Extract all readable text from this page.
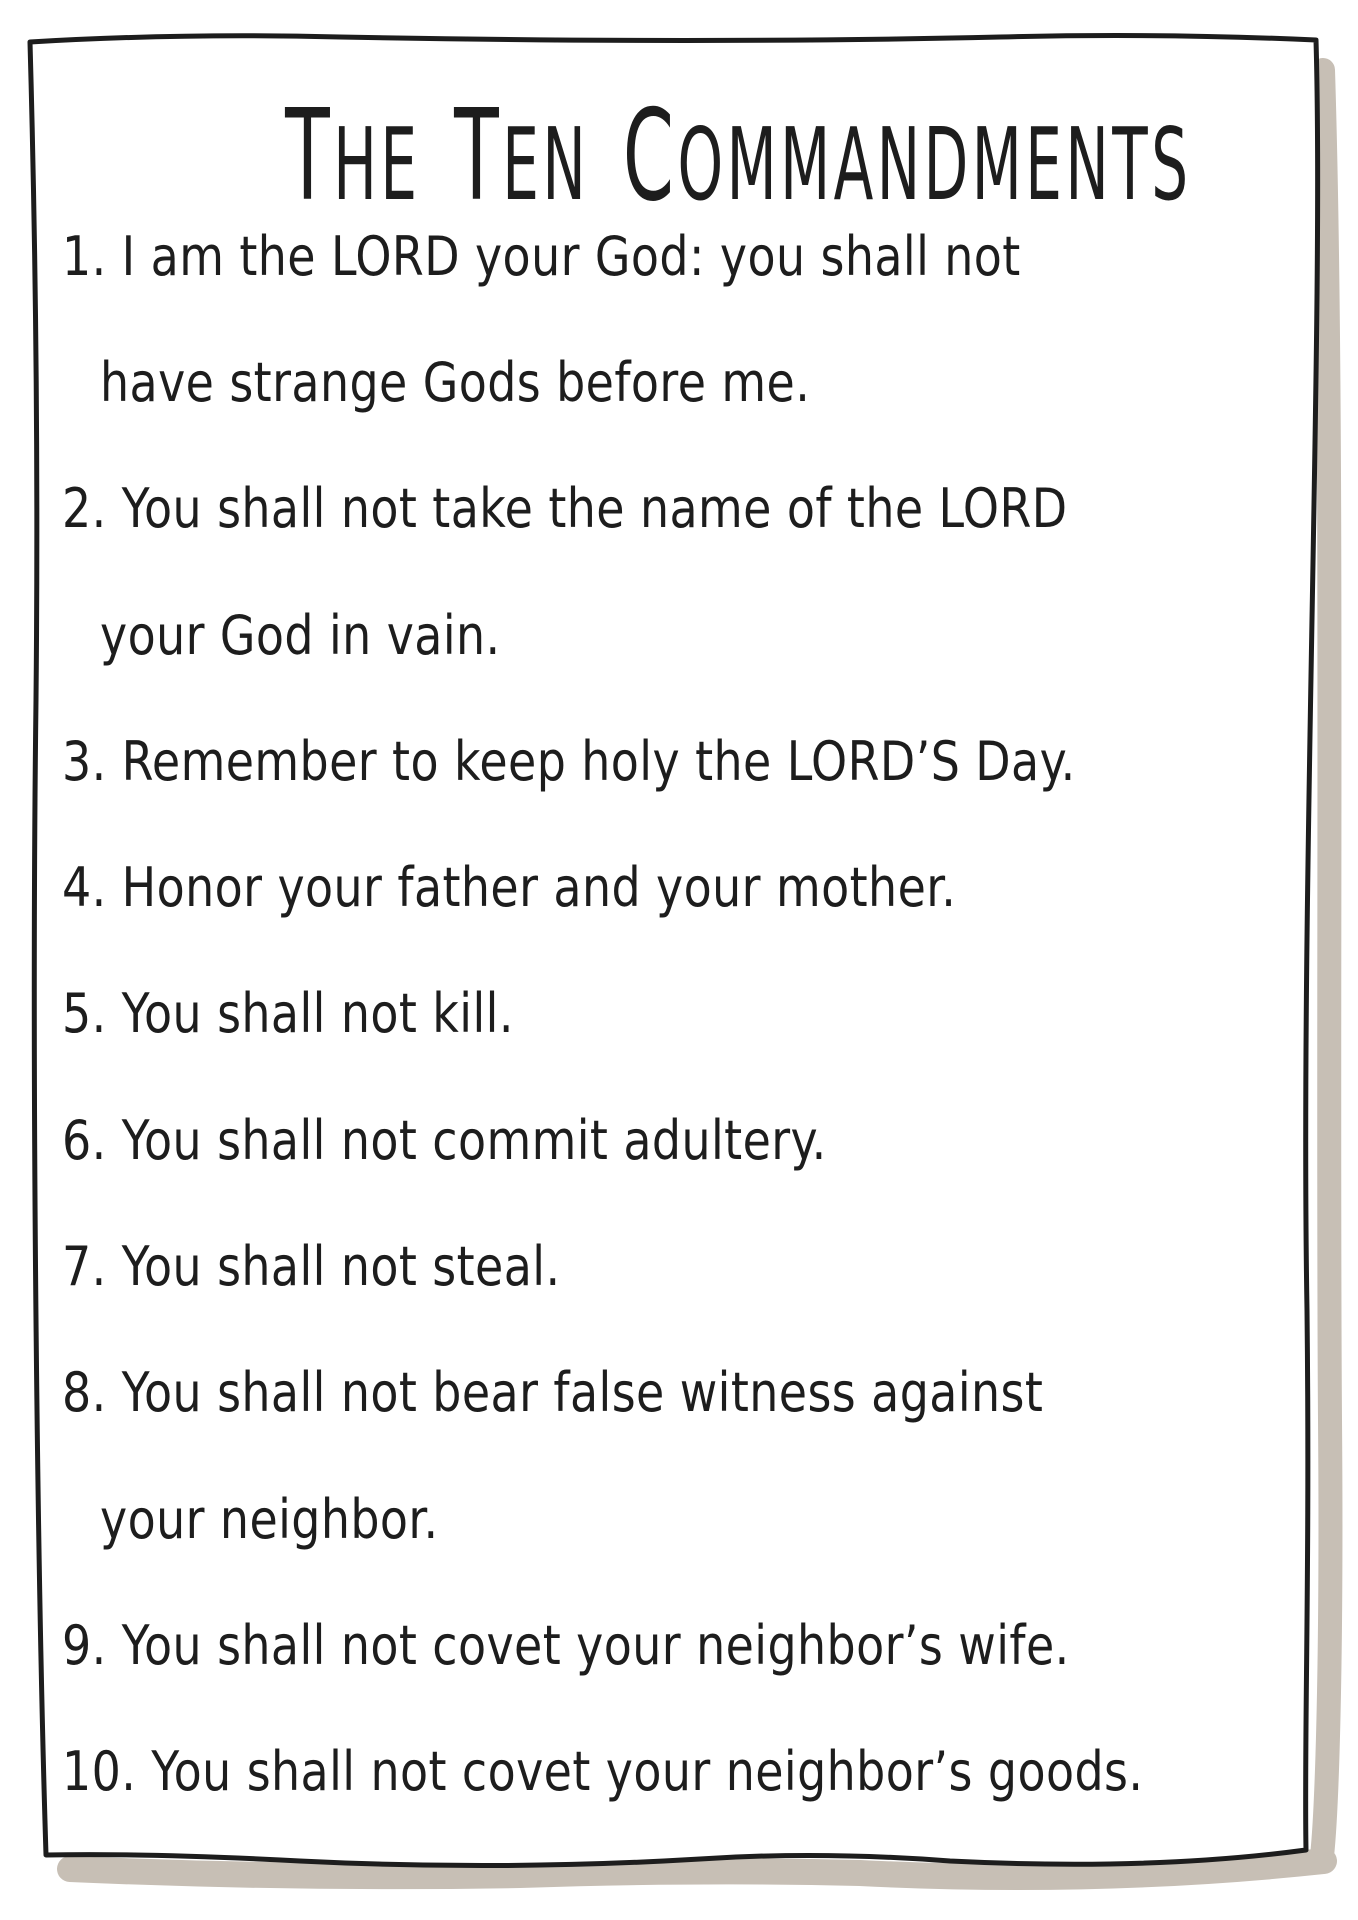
THE TEN COMMANDMENTS
1. I am the LORD your God: you shall not
have strange Gods before me.
2. You shall not take the name of the LORD
your God in vain.
3. Remember to keep holy the LORD’S Day.
4. Honor your father and your mother.
5. You shall not kill.
6. You shall not commit adultery.
7. You shall not steal.
8. You shall not bear false witness against
your neighbor.
9. You shall not covet your neighbor’s wife.
10. You shall not covet your neighbor’s goods.
